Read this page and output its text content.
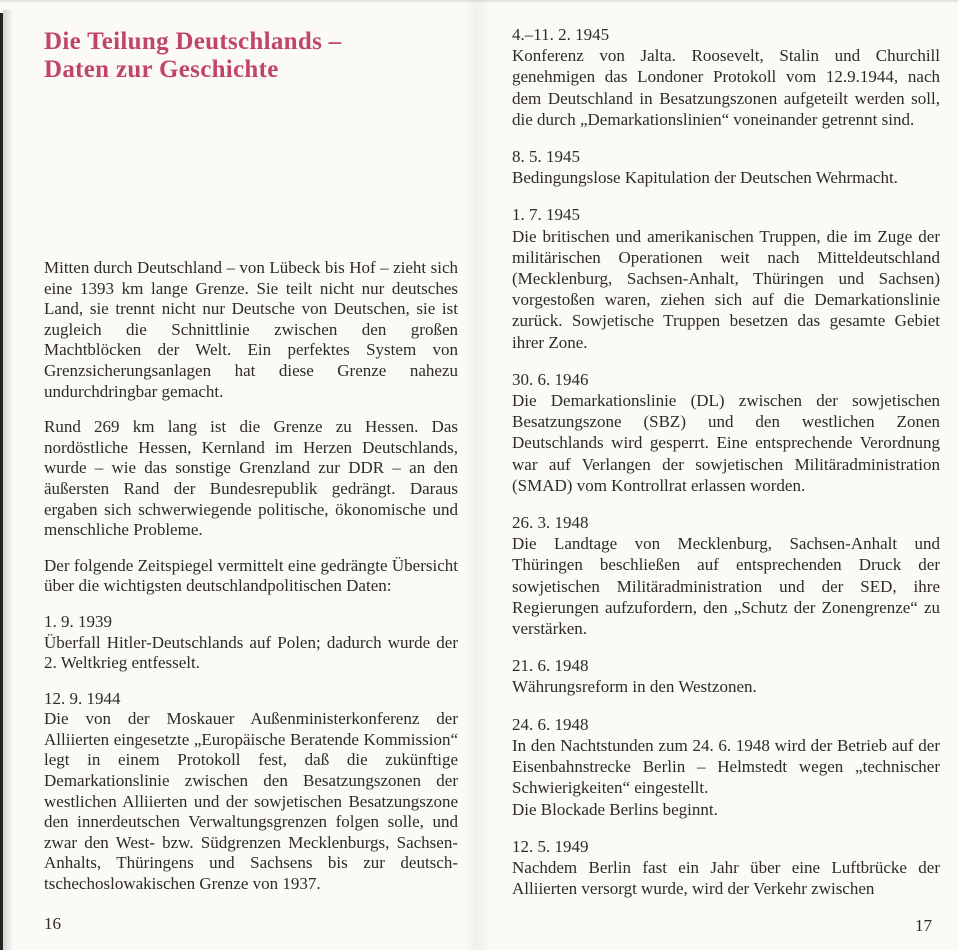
Die Teilung Deutschlands –
Daten zur Geschichte

Mitten durch Deutschland – von Lübeck bis Hof – zieht sich eine 1393 km lange Grenze. Sie teilt nicht nur deutsches Land, sie trennt nicht nur Deutsche von Deutschen, sie ist zugleich die Schnittlinie zwischen den großen Machtblöcken der Welt. Ein perfektes System von Grenzsicherungsanlagen hat diese Grenze nahezu undurchdringbar gemacht.

Rund 269 km lang ist die Grenze zu Hessen. Das nordöstliche Hessen, Kernland im Herzen Deutschlands, wurde – wie das sonstige Grenzland zur DDR – an den äußersten Rand der Bundesrepublik gedrängt. Daraus ergaben sich schwerwiegende politische, ökonomische und menschliche Probleme.

Der folgende Zeitspiegel vermittelt eine gedrängte Übersicht über die wichtigsten deutschlandpolitischen Daten:

1. 9. 1939

Überfall Hitler-Deutschlands auf Polen; dadurch wurde der 2. Weltkrieg entfesselt.

12. 9. 1944

Die von der Moskauer Außenministerkonferenz der Alliierten eingesetzte „Europäische Beratende Kommission“ legt in einem Protokoll fest, daß die zukünftige Demarkationslinie zwischen den Besatzungszonen der westlichen Alliierten und der sowjetischen Besatzungszone den innerdeutschen Verwaltungsgrenzen folgen solle, und zwar den West- bzw. Südgrenzen Mecklenburgs, Sachsen-Anhalts, Thüringens und Sachsens bis zur deutsch-tschechoslowakischen Grenze von 1937.

4.–11. 2. 1945

Konferenz von Jalta. Roosevelt, Stalin und Churchill genehmigen das Londoner Protokoll vom 12.9.1944, nach dem Deutschland in Besatzungszonen aufgeteilt werden soll, die durch „Demarkationslinien“ voneinander getrennt sind.

8. 5. 1945

Bedingungslose Kapitulation der Deutschen Wehrmacht.

1. 7. 1945

Die britischen und amerikanischen Truppen, die im Zuge der militärischen Operationen weit nach Mitteldeutschland (Mecklenburg, Sachsen-Anhalt, Thüringen und Sachsen) vorgestoßen waren, ziehen sich auf die Demarkationslinie zurück. Sowjetische Truppen besetzen das gesamte Gebiet ihrer Zone.

30. 6. 1946

Die Demarkationslinie (DL) zwischen der sowjetischen Besatzungszone (SBZ) und den westlichen Zonen Deutschlands wird gesperrt. Eine entsprechende Verordnung war auf Verlangen der sowjetischen Militäradministration (SMAD) vom Kontrollrat erlassen worden.

26. 3. 1948

Die Landtage von Mecklenburg, Sachsen-Anhalt und Thüringen beschließen auf entsprechenden Druck der sowjetischen Militäradministration und der SED, ihre Regierungen aufzufordern, den „Schutz der Zonengrenze“ zu verstärken.

21. 6. 1948

Währungsreform in den Westzonen.

24. 6. 1948

In den Nachtstunden zum 24. 6. 1948 wird der Betrieb auf der Eisenbahnstrecke Berlin – Helmstedt wegen „technischer Schwierigkeiten“ eingestellt.

Die Blockade Berlins beginnt.

12. 5. 1949

Nachdem Berlin fast ein Jahr über eine Luftbrücke der Alliierten versorgt wurde, wird der Verkehr zwischen

16	17
